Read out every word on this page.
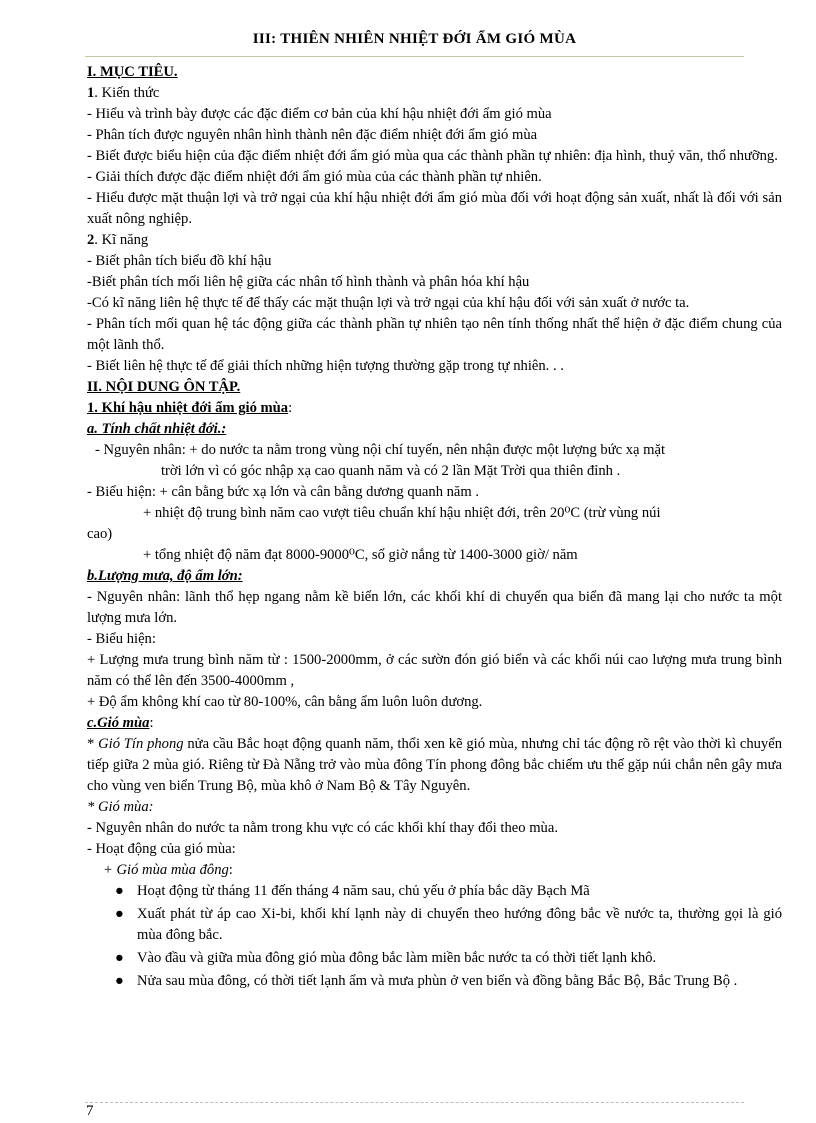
III: THIÊN NHIÊN NHIỆT ĐỚI ẨM GIÓ MÙA

I. MỤC TIÊU.

1. Kiến thức

- Hiểu và trình bày được các đặc điểm cơ bản của khí hậu nhiệt đới ẩm gió mùa

- Phân tích được nguyên nhân hình thành nên đặc điểm nhiệt đới ẩm gió mùa

- Biết được biểu hiện của đặc điểm nhiệt đới ẩm gió mùa qua các thành phần tự nhiên: địa hình, thuỷ văn, thổ nhưỡng.

- Giải thích được đặc điểm nhiệt đới ẩm gió mùa của các thành phần tự nhiên.

- Hiểu được mặt thuận lợi và trở ngại của khí hậu nhiệt đới ẩm gió mùa đối với hoạt động sản xuất, nhất là đối với sản xuất nông nghiệp.

2. Kĩ năng

- Biết phân tích biểu đồ khí hậu

-Biết phân tích mối liên hệ giữa các nhân tố hình thành và phân hóa khí hậu

-Có kĩ năng liên hệ thực tế để thấy các mặt thuận lợi và trở ngại của khí hậu đối với sản xuất ở nước ta.

- Phân tích mối quan hệ tác động giữa các thành phần tự nhiên tạo nên tính thống nhất thể hiện ở đặc điểm chung của một lãnh thổ.

- Biết liên hệ thực tế để giải thích những hiện tượng thường gặp trong tự nhiên. . .

II. NỘI DUNG ÔN TẬP.

1. Khí hậu nhiệt đới ẩm gió mùa:

a. Tính chất nhiệt đới.:

- Nguyên nhân: + do nước ta nằm trong vùng nội chí tuyến, nên nhận được một lượng bức xạ mặt

trời lớn vì có góc nhập xạ cao quanh năm và có 2 lần Mặt Trời qua thiên đỉnh .

- Biểu hiện: + cân bằng bức xạ lớn và cân bằng dương quanh năm .

+ nhiệt độ trung bình năm cao vượt tiêu chuẩn khí hậu nhiệt đới, trên 20⁰C (trừ vùng núi

cao)

+ tổng nhiệt độ năm đạt 8000-9000⁰C, số giờ nắng từ 1400-3000 giờ/ năm

b.Lượng mưa, độ ẩm lớn:

- Nguyên nhân: lãnh thổ hẹp ngang nằm kề biển lớn, các khối khí di chuyển qua biển đã mang lại cho nước ta một lượng mưa lớn.

- Biểu hiện:

+ Lượng mưa trung bình năm từ : 1500-2000mm, ở các sườn đón gió biển và các khối núi cao lượng mưa trung bình năm có thể lên đến 3500-4000mm ,

+ Độ ẩm không khí cao từ 80-100%, cân bằng ẩm luôn luôn dương.

c.Gió mùa:

* Gió Tín phong nửa cầu Bắc hoạt động quanh năm, thổi xen kẽ gió mùa, nhưng chỉ tác động rõ rệt vào thời kì chuyển tiếp giữa 2 mùa gió. Riêng từ Đà Nẵng trở vào mùa đông Tín phong đông bắc chiếm ưu thế gặp núi chắn nên gây mưa cho vùng ven biển Trung Bộ, mùa khô ở Nam Bộ & Tây Nguyên.

* Gió mùa:

- Nguyên nhân do nước ta nằm trong khu vực có các khối khí thay đổi theo mùa.

- Hoạt động của gió mùa:

+ Gió mùa mùa đông:

● Hoạt động từ tháng 11 đến tháng 4 năm sau, chủ yếu ở phía bắc dãy Bạch Mã
● Xuất phát từ áp cao Xi-bi, khối khí lạnh này di chuyển theo hướng đông bắc về nước ta, thường gọi là gió mùa đông bắc.
● Vào đầu và giữa mùa đông gió mùa đông bắc làm miền bắc nước ta có thời tiết lạnh khô.
● Nửa sau mùa đông, có thời tiết lạnh ẩm và mưa phùn ở ven biển và đồng bằng Bắc Bộ, Bắc Trung Bộ .
7
